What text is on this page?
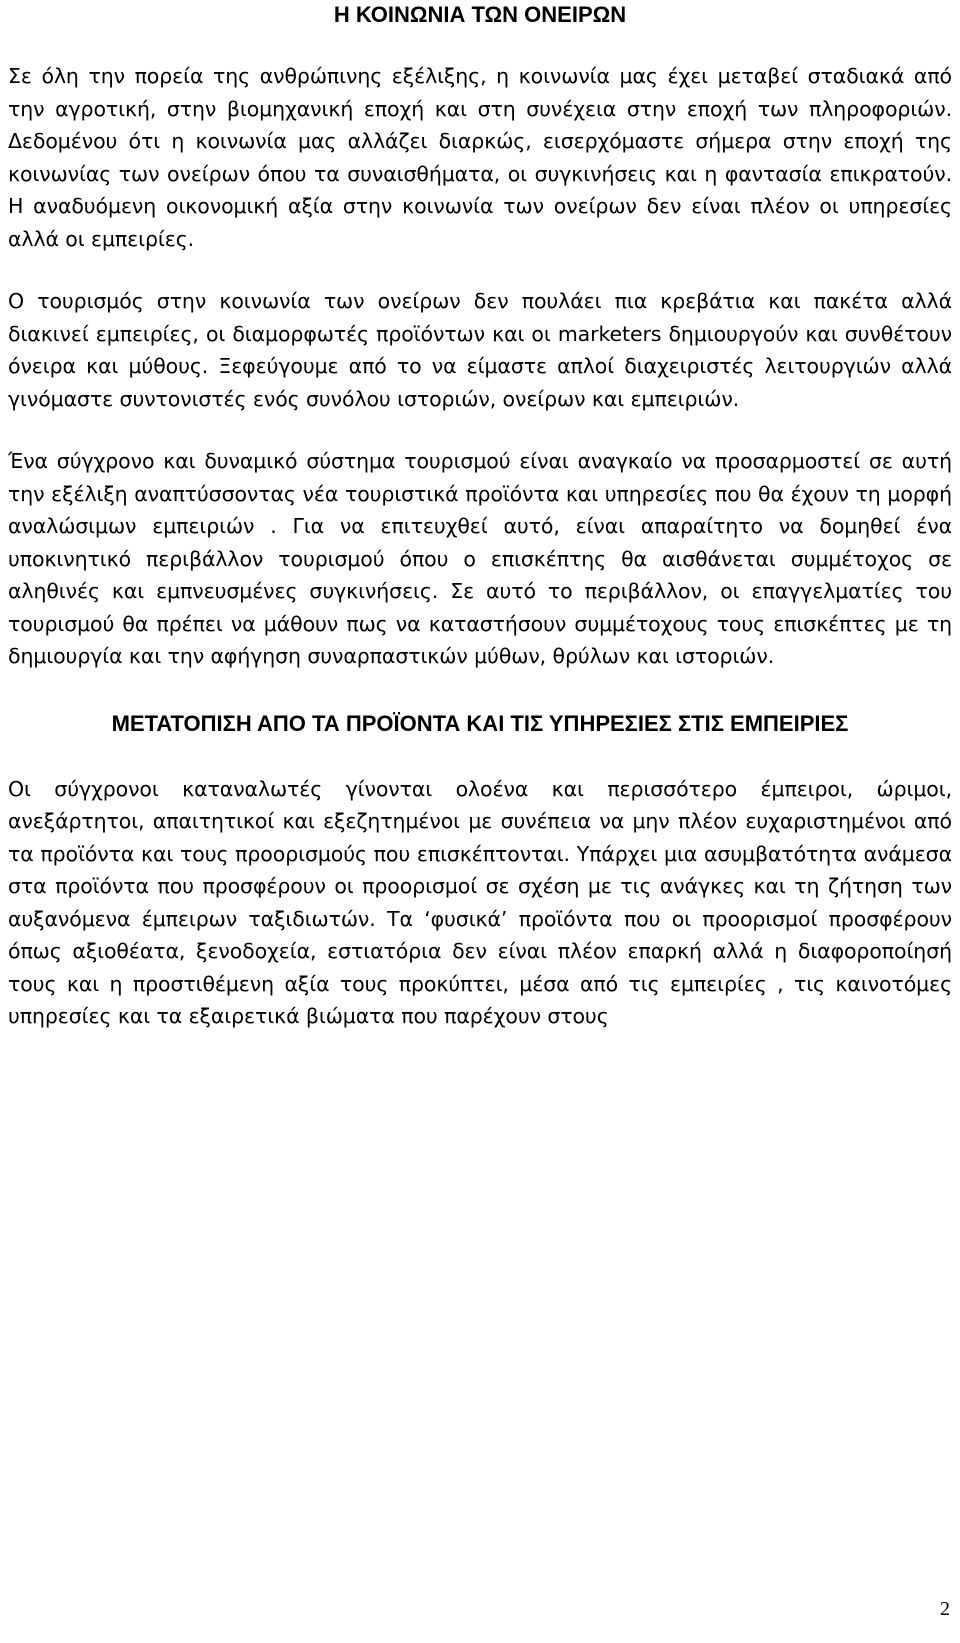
Η ΚΟΙΝΩΝΙΑ ΤΩΝ ΟΝΕΙΡΩΝ

Σε όλη την πορεία της ανθρώπινης εξέλιξης, η κοινωνία μας έχει μεταβεί σταδιακά από την αγροτική, στην βιομηχανική εποχή και στη συνέχεια στην εποχή των πληροφοριών. Δεδομένου ότι η κοινωνία μας αλλάζει διαρκώς, εισερχόμαστε σήμερα στην εποχή της κοινωνίας των ονείρων όπου τα συναισθήματα, οι συγκινήσεις και η φαντασία επικρατούν. Η αναδυόμενη οικονομική αξία στην κοινωνία των ονείρων δεν είναι πλέον οι υπηρεσίες αλλά οι εμπειρίες.

Ο τουρισμός στην κοινωνία των ονείρων δεν πουλάει πια κρεβάτια και πακέτα αλλά διακινεί εμπειρίες, οι διαμορφωτές προϊόντων και οι marketers δημιουργούν και συνθέτουν όνειρα και μύθους. Ξεφεύγουμε από το να είμαστε απλοί διαχειριστές λειτουργιών αλλά γινόμαστε συντονιστές ενός συνόλου ιστοριών, ονείρων και εμπειριών.

Ένα σύγχρονο και δυναμικό σύστημα τουρισμού είναι αναγκαίο να προσαρμοστεί σε αυτή την εξέλιξη αναπτύσσοντας νέα τουριστικά προϊόντα και υπηρεσίες που θα έχουν τη μορφή αναλώσιμων εμπειριών . Για να επιτευχθεί αυτό, είναι απαραίτητο να δομηθεί ένα υποκινητικό περιβάλλον τουρισμού όπου ο επισκέπτης θα αισθάνεται συμμέτοχος σε αληθινές και εμπνευσμένες συγκινήσεις. Σε αυτό το περιβάλλον, οι επαγγελματίες του τουρισμού θα πρέπει να μάθουν πως να καταστήσουν συμμέτοχους τους επισκέπτες με τη δημιουργία και την αφήγηση συναρπαστικών μύθων, θρύλων και ιστοριών.

ΜΕΤΑΤΟΠΙΣΗ ΑΠΟ ΤΑ ΠΡΟΪΟΝΤΑ ΚΑΙ ΤΙΣ ΥΠΗΡΕΣΙΕΣ ΣΤΙΣ ΕΜΠΕΙΡΙΕΣ

Οι σύγχρονοι καταναλωτές γίνονται ολοένα και περισσότερο έμπειροι, ώριμοι, ανεξάρτητοι, απαιτητικοί και εξεζητημένοι με συνέπεια να μην πλέον ευχαριστημένοι από τα προϊόντα και τους προορισμούς που επισκέπτονται. Υπάρχει μια ασυμβατότητα ανάμεσα στα προϊόντα που προσφέρουν οι προορισμοί σε σχέση με τις ανάγκες και τη ζήτηση των αυξανόμενα έμπειρων ταξιδιωτών. Τα ‘φυσικά’ προϊόντα που οι προορισμοί προσφέρουν όπως αξιοθέατα, ξενοδοχεία, εστιατόρια δεν είναι πλέον επαρκή αλλά η διαφοροποίησή τους και η προστιθέμενη αξία τους προκύπτει, μέσα από τις εμπειρίες , τις καινοτόμες υπηρεσίες και τα εξαιρετικά βιώματα που παρέχουν στους

2
